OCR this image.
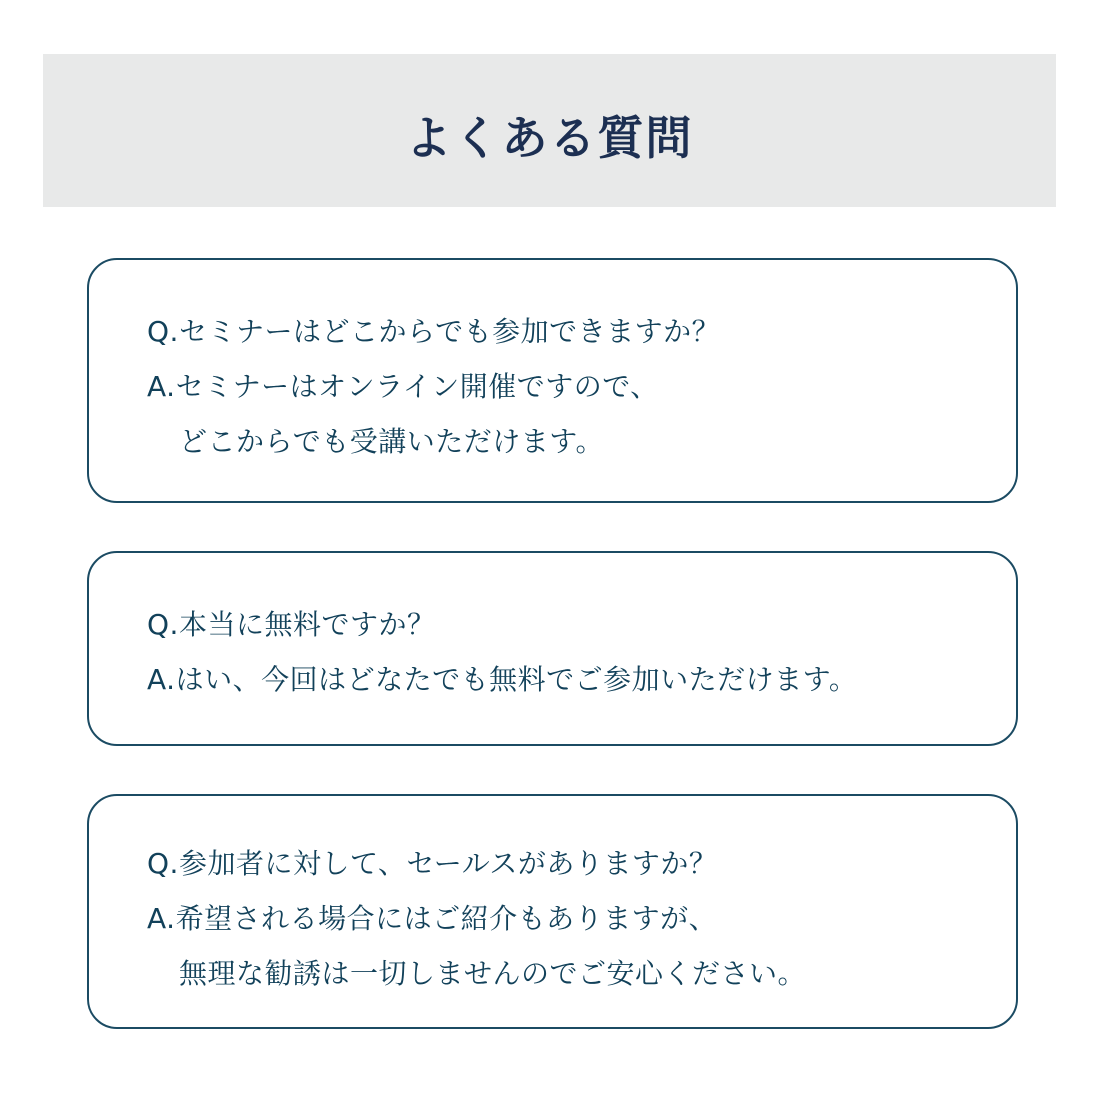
よくある質問
Q.セミナーはどこからでも参加できますか？
A.セミナーはオンライン開催ですので、
どこからでも受講いただけます。
Q.本当に無料ですか？
A.はい、今回はどなたでも無料でご参加いただけます。
Q.参加者に対して、セールスがありますか？
A.希望される場合にはご紹介もありますが、
無理な勧誘は一切しませんのでご安心ください。
